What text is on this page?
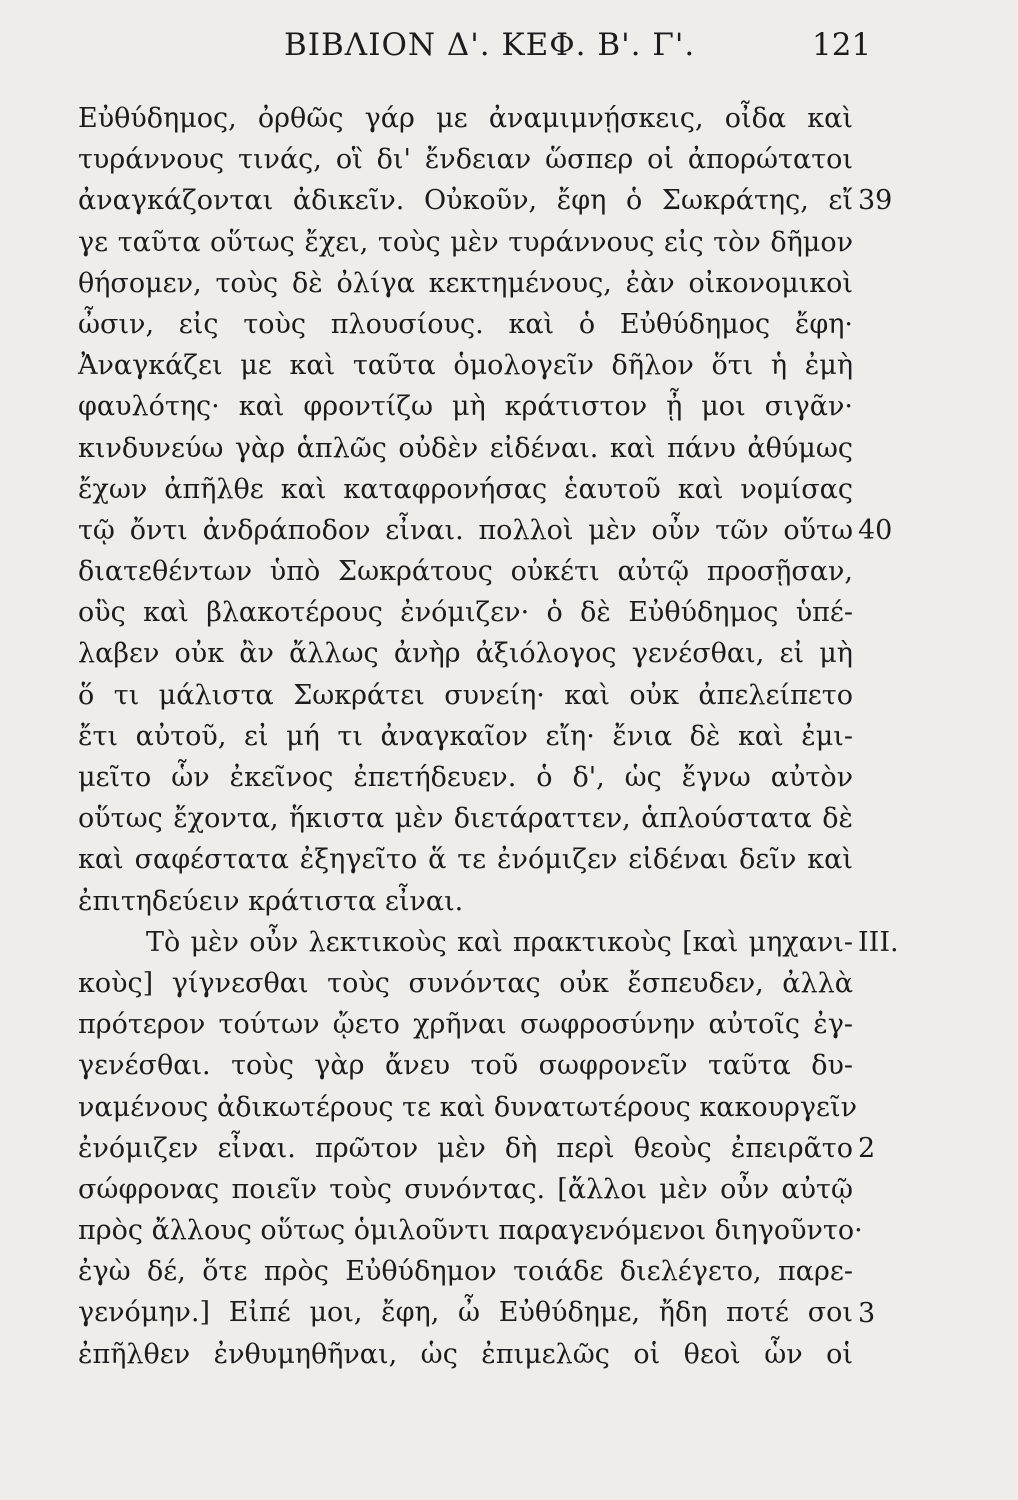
ΒΙΒΛΙΟΝ Δ'. ΚΕΦ. Β'. Γ'.	121
Εὐθύδημος, ὀρθῶς γάρ με ἀναμιμνῄσκεις, οἶδα καὶ
τυράννους τινάς, οἳ δι' ἔνδειαν ὥσπερ οἱ ἀπορώτατοι
ἀναγκάζονται ἀδικεῖν. Οὐκοῦν, ἔφη ὁ Σωκράτης, εἴ
γε ταῦτα οὕτως ἔχει, τοὺς μὲν τυράννους εἰς τὸν δῆμον
θήσομεν, τοὺς δὲ ὀλίγα κεκτημένους, ἐὰν οἰκονομικοὶ
ὦσιν, εἰς τοὺς πλουσίους. καὶ ὁ Εὐθύδημος ἔφη·
Ἀναγκάζει με καὶ ταῦτα ὁμολογεῖν δῆλον ὅτι ἡ ἐμὴ
φαυλότης· καὶ φροντίζω μὴ κράτιστον ᾖ μοι σιγᾶν·
κινδυνεύω γὰρ ἁπλῶς οὐδὲν εἰδέναι. καὶ πάνυ ἀθύμως
ἔχων ἀπῆλθε καὶ καταφρονήσας ἑαυτοῦ καὶ νομίσας
τῷ ὄντι ἀνδράποδον εἶναι. πολλοὶ μὲν οὖν τῶν οὕτω
διατεθέντων ὑπὸ Σωκράτους οὐκέτι αὐτῷ προσῇσαν,
οὓς καὶ βλακοτέρους ἐνόμιζεν· ὁ δὲ Εὐθύδημος ὑπέ-
λαβεν οὐκ ἂν ἄλλως ἀνὴρ ἀξιόλογος γενέσθαι, εἰ μὴ
ὅ τι μάλιστα Σωκράτει συνείη· καὶ οὐκ ἀπελείπετο
ἔτι αὐτοῦ, εἰ μή τι ἀναγκαῖον εἴη· ἔνια δὲ καὶ ἐμι-
μεῖτο ὧν ἐκεῖνος ἐπετήδευεν. ὁ δ', ὡς ἔγνω αὐτὸν
οὕτως ἔχοντα, ἥκιστα μὲν διετάραττεν, ἁπλούστατα δὲ
καὶ σαφέστατα ἐξηγεῖτο ἅ τε ἐνόμιζεν εἰδέναι δεῖν καὶ
ἐπιτηδεύειν κράτιστα εἶναι.
Τὸ μὲν οὖν λεκτικοὺς καὶ πρακτικοὺς [καὶ μηχανι-
κοὺς] γίγνεσθαι τοὺς συνόντας οὐκ ἔσπευδεν, ἀλλὰ
πρότερον τούτων ᾤετο χρῆναι σωφροσύνην αὐτοῖς ἐγ-
γενέσθαι. τοὺς γὰρ ἄνευ τοῦ σωφρονεῖν ταῦτα δυ-
ναμένους ἀδικωτέρους τε καὶ δυνατωτέρους κακουργεῖν
ἐνόμιζεν εἶναι. πρῶτον μὲν δὴ περὶ θεοὺς ἐπειρᾶτο
σώφρονας ποιεῖν τοὺς συνόντας. [ἄλλοι μὲν οὖν αὐτῷ
πρὸς ἄλλους οὕτως ὁμιλοῦντι παραγενόμενοι διηγοῦντο·
ἐγὼ δέ, ὅτε πρὸς Εὐθύδημον τοιάδε διελέγετο, παρε-
γενόμην.] Εἰπέ μοι, ἔφη, ὦ Εὐθύδημε, ἤδη ποτέ σοι
ἐπῆλθεν ἐνθυμηθῆναι, ὡς ἐπιμελῶς οἱ θεοὶ ὧν οἱ
39
40
III.
2
3
